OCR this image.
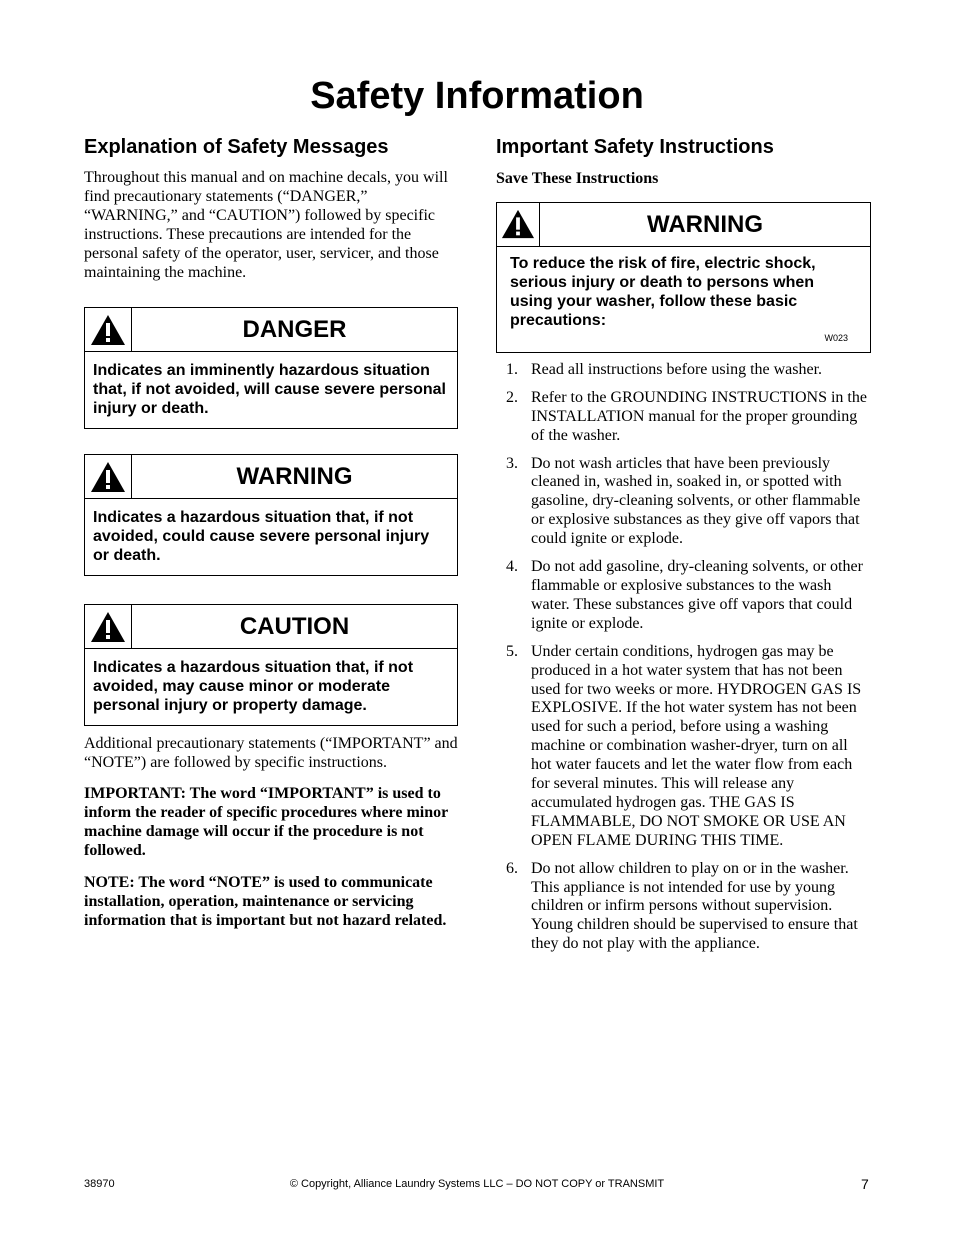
Safety Information
Explanation of Safety Messages

Throughout this manual and on machine decals, you will find precautionary statements (“DANGER,” “WARNING,” and “CAUTION”) followed by specific instructions. These precautions are intended for the personal safety of the operator, user, servicer, and those maintaining the machine.

DANGER
Indicates an imminently hazardous situation that, if not avoided, will cause severe personal injury or death.
WARNING
Indicates a hazardous situation that, if not avoided, could cause severe personal injury or death.
CAUTION
Indicates a hazardous situation that, if not avoided, may cause minor or moderate personal injury or property damage.

Additional precautionary statements (“IMPORTANT” and “NOTE”) are followed by specific instructions.

IMPORTANT: The word “IMPORTANT” is used to inform the reader of specific procedures where minor machine damage will occur if the procedure is not followed.

NOTE: The word “NOTE” is used to communicate installation, operation, maintenance or servicing information that is important but not hazard related.

Important Safety Instructions

Save These Instructions

WARNING
To reduce the risk of fire, electric shock, serious injury or death to persons when using your washer, follow these basic precautions:
W023
1. Read all instructions before using the washer.
2. Refer to the GROUNDING INSTRUCTIONS in the INSTALLATION manual for the proper grounding of the washer.
3. Do not wash articles that have been previously cleaned in, washed in, soaked in, or spotted with gasoline, dry-cleaning solvents, or other flammable or explosive substances as they give off vapors that could ignite or explode.
4. Do not add gasoline, dry-cleaning solvents, or other flammable or explosive substances to the wash water. These substances give off vapors that could ignite or explode.
5. Under certain conditions, hydrogen gas may be produced in a hot water system that has not been used for two weeks or more. HYDROGEN GAS IS EXPLOSIVE. If the hot water system has not been used for such a period, before using a washing machine or combination washer-dryer, turn on all hot water faucets and let the water flow from each for several minutes. This will release any accumulated hydrogen gas. THE GAS IS FLAMMABLE, DO NOT SMOKE OR USE AN OPEN FLAME DURING THIS TIME.
6. Do not allow children to play on or in the washer. This appliance is not intended for use by young children or infirm persons without supervision. Young children should be supervised to ensure that they do not play with the appliance.
38970	© Copyright, Alliance Laundry Systems LLC – DO NOT COPY or TRANSMIT	7
